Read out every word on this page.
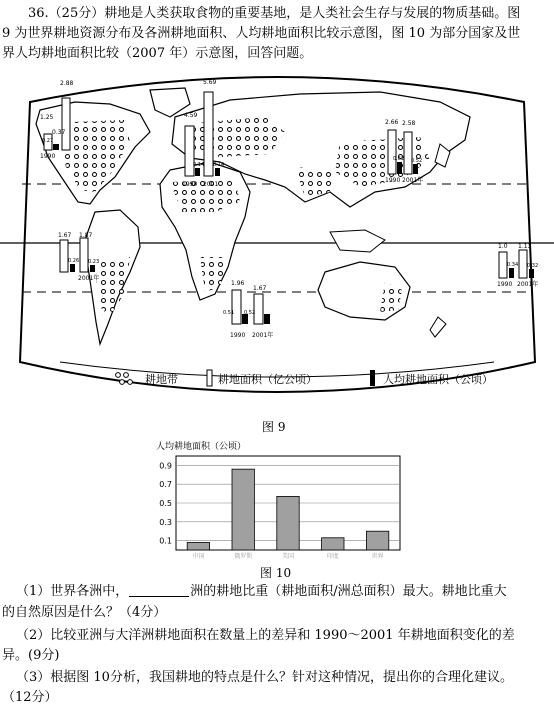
36.（25分）耕地是人类获取食物的重要基地，是人类社会生存与发展的物质基础。图
9 为世界耕地资源分布及各洲耕地面积、人均耕地面积比较示意图，图 10 为部分国家及世
界人均耕地面积比较（2007 年）示意图，回答问题。
1.25
2.88
0.37
0.27
1990
4.59
5.69
0.14 0.14
1990 2001
2.66 2.58
0.62 0.52
1990 2001年
1.67 1.87
0.26 0.23
2001年
1.0 1.13
0.34 0.32
1990 2001年
1.96
1.67
0.51 0.52
1990 2001年
耕地带	耕地面积（亿公顷）	人均耕地面积（公顷）
图 9
人均耕地面积（公顷）
0.9
0.7
0.5
0.3
0.1
中国	俄罗斯	美国	印度	世界
图 10
（1）世界各洲中，	洲的耕地比重（耕地面积/洲总面积）最大。耕地比重大
的自然原因是什么？（4分）
（2）比较亚洲与大洋洲耕地面积在数量上的差异和 1990～2001 年耕地面积变化的差
异。(9分)
（3）根据图 10分析，我国耕地的特点是什么？针对这种情况，提出你的合理化建议。
（12分）
